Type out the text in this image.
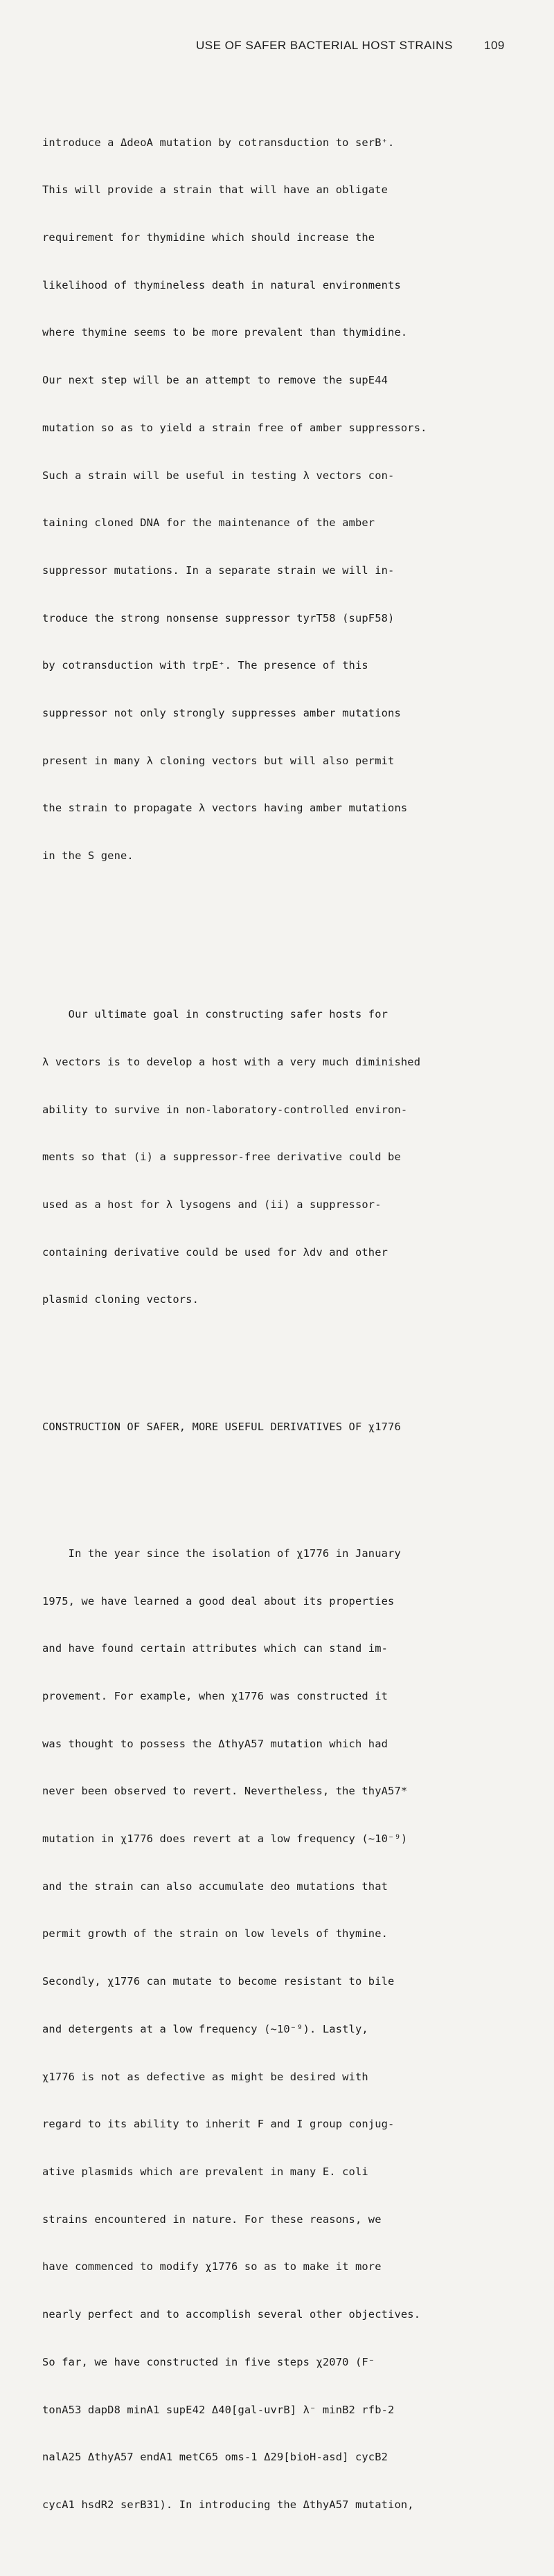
USE OF SAFER BACTERIAL HOST STRAINS	109

introduce a ΔdeoA mutation by cotransduction to serB⁺.

This will provide a strain that will have an obligate

requirement for thymidine which should increase the

likelihood of thymineless death in natural environments

where thymine seems to be more prevalent than thymidine.

Our next step will be an attempt to remove the supE44

mutation so as to yield a strain free of amber suppressors.

Such a strain will be useful in testing λ vectors con-

taining cloned DNA for the maintenance of the amber

suppressor mutations. In a separate strain we will in-

troduce the strong nonsense suppressor tyrT58 (supF58)

by cotransduction with trpE⁺. The presence of this

suppressor not only strongly suppresses amber mutations

present in many λ cloning vectors but will also permit

the strain to propagate λ vectors having amber mutations

in the S gene.

Our ultimate goal in constructing safer hosts for

λ vectors is to develop a host with a very much diminished

ability to survive in non-laboratory-controlled environ-

ments so that (i) a suppressor-free derivative could be

used as a host for λ lysogens and (ii) a suppressor-

containing derivative could be used for λdv and other

plasmid cloning vectors.

CONSTRUCTION OF SAFER, MORE USEFUL DERIVATIVES OF χ1776

In the year since the isolation of χ1776 in January

1975, we have learned a good deal about its properties

and have found certain attributes which can stand im-

provement. For example, when χ1776 was constructed it

was thought to possess the ΔthyA57 mutation which had

never been observed to revert. Nevertheless, the thyA57*

mutation in χ1776 does revert at a low frequency (~10⁻⁹)

and the strain can also accumulate deo mutations that

permit growth of the strain on low levels of thymine.

Secondly, χ1776 can mutate to become resistant to bile

and detergents at a low frequency (~10⁻⁹). Lastly,

χ1776 is not as defective as might be desired with

regard to its ability to inherit F and I group conjug-

ative plasmids which are prevalent in many E. coli

strains encountered in nature. For these reasons, we

have commenced to modify χ1776 so as to make it more

nearly perfect and to accomplish several other objectives.

So far, we have constructed in five steps χ2070 (F⁻

tonA53 dapD8 minA1 supE42 Δ40[gal-uvrB] λ⁻ minB2 rfb-2

nalA25 ΔthyA57 endA1 metC65 oms-1 Δ29[bioH-asd] cycB2

cycA1 hsdR2 serB31). In introducing the ΔthyA57 mutation,
